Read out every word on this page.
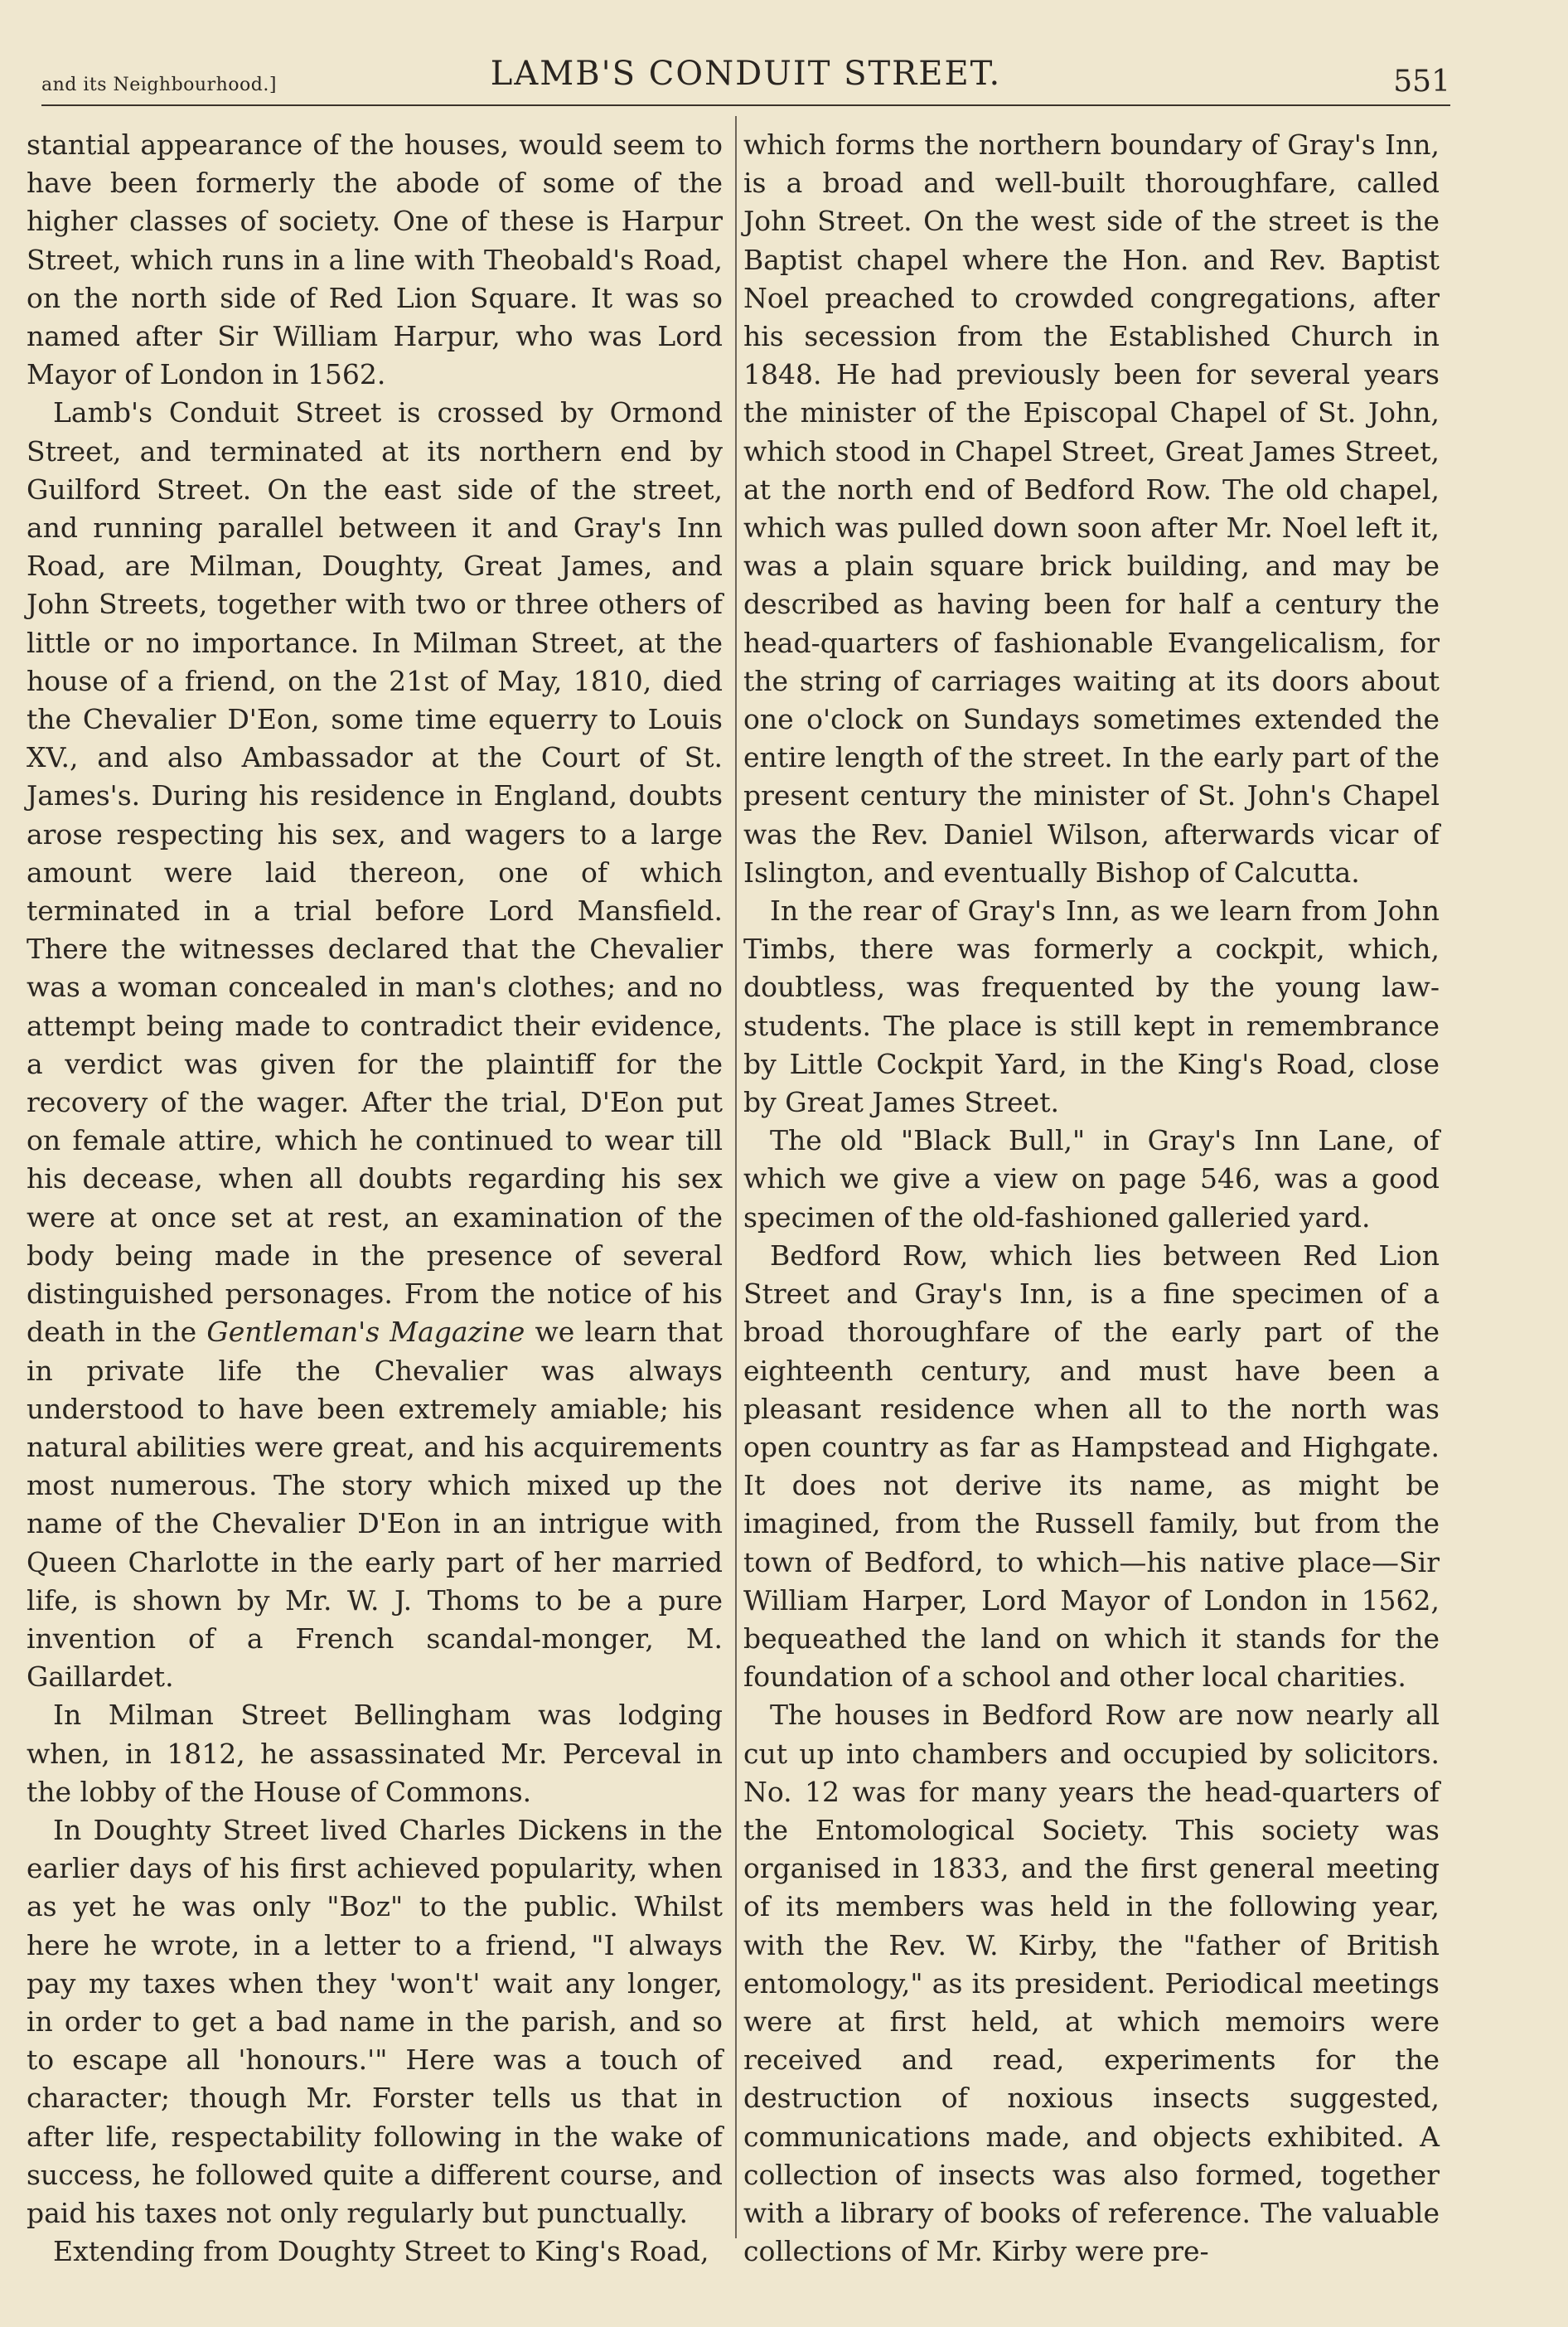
and its Neighbourhood.]	LAMB'S CONDUIT STREET.	551

stantial appearance of the houses, would seem to have been formerly the abode of some of the higher classes of society. One of these is Harpur Street, which runs in a line with Theobald's Road, on the north side of Red Lion Square. It was so named after Sir William Harpur, who was Lord Mayor of London in 1562.

Lamb's Conduit Street is crossed by Ormond Street, and terminated at its northern end by Guilford Street. On the east side of the street, and running parallel between it and Gray's Inn Road, are Milman, Doughty, Great James, and John Streets, together with two or three others of little or no importance. In Milman Street, at the house of a friend, on the 21st of May, 1810, died the Chevalier D'Eon, some time equerry to Louis XV., and also Ambassador at the Court of St. James's. During his residence in England, doubts arose respecting his sex, and wagers to a large amount were laid thereon, one of which terminated in a trial before Lord Mansfield. There the witnesses declared that the Chevalier was a woman concealed in man's clothes; and no attempt being made to contradict their evidence, a verdict was given for the plaintiff for the recovery of the wager. After the trial, D'Eon put on female attire, which he continued to wear till his decease, when all doubts regarding his sex were at once set at rest, an examination of the body being made in the presence of several distinguished personages. From the notice of his death in the Gentleman's Magazine we learn that in private life the Chevalier was always understood to have been extremely amiable; his natural abilities were great, and his acquirements most numerous. The story which mixed up the name of the Chevalier D'Eon in an intrigue with Queen Charlotte in the early part of her married life, is shown by Mr. W. J. Thoms to be a pure invention of a French scandal-monger, M. Gaillardet.

In Milman Street Bellingham was lodging when, in 1812, he assassinated Mr. Perceval in the lobby of the House of Commons.

In Doughty Street lived Charles Dickens in the earlier days of his first achieved popularity, when as yet he was only "Boz" to the public. Whilst here he wrote, in a letter to a friend, "I always pay my taxes when they 'won't' wait any longer, in order to get a bad name in the parish, and so to escape all 'honours.'" Here was a touch of character; though Mr. Forster tells us that in after life, respectability following in the wake of success, he followed quite a different course, and paid his taxes not only regularly but punctually.

Extending from Doughty Street to King's Road,

which forms the northern boundary of Gray's Inn, is a broad and well-built thoroughfare, called John Street. On the west side of the street is the Baptist chapel where the Hon. and Rev. Baptist Noel preached to crowded congregations, after his secession from the Established Church in 1848. He had previously been for several years the minister of the Episcopal Chapel of St. John, which stood in Chapel Street, Great James Street, at the north end of Bedford Row. The old chapel, which was pulled down soon after Mr. Noel left it, was a plain square brick building, and may be described as having been for half a century the head-quarters of fashionable Evangelicalism, for the string of carriages waiting at its doors about one o'clock on Sundays sometimes extended the entire length of the street. In the early part of the present century the minister of St. John's Chapel was the Rev. Daniel Wilson, afterwards vicar of Islington, and eventually Bishop of Calcutta.

In the rear of Gray's Inn, as we learn from John Timbs, there was formerly a cockpit, which, doubtless, was frequented by the young law-students. The place is still kept in remembrance by Little Cockpit Yard, in the King's Road, close by Great James Street.

The old "Black Bull," in Gray's Inn Lane, of which we give a view on page 546, was a good specimen of the old-fashioned galleried yard.

Bedford Row, which lies between Red Lion Street and Gray's Inn, is a fine specimen of a broad thoroughfare of the early part of the eighteenth century, and must have been a pleasant residence when all to the north was open country as far as Hampstead and Highgate. It does not derive its name, as might be imagined, from the Russell family, but from the town of Bedford, to which—his native place—Sir William Harper, Lord Mayor of London in 1562, bequeathed the land on which it stands for the foundation of a school and other local charities.

The houses in Bedford Row are now nearly all cut up into chambers and occupied by solicitors. No. 12 was for many years the head-quarters of the Entomological Society. This society was organised in 1833, and the first general meeting of its members was held in the following year, with the Rev. W. Kirby, the "father of British entomology," as its president. Periodical meetings were at first held, at which memoirs were received and read, experiments for the destruction of noxious insects suggested, communications made, and objects exhibited. A collection of insects was also formed, together with a library of books of reference. The valuable collections of Mr. Kirby were pre-
